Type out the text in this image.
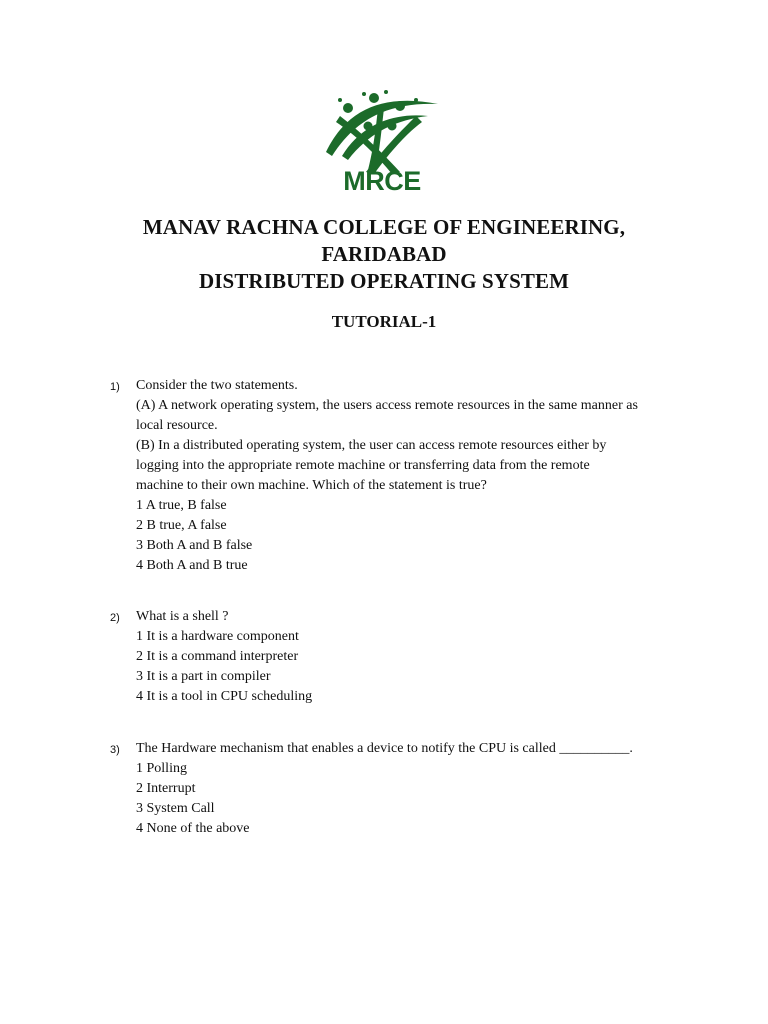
MRCE
MANAV RACHNA COLLEGE OF ENGINEERING,
FARIDABAD
DISTRIBUTED OPERATING SYSTEM
TUTORIAL-1
1) Consider the two statements.
(A) A network operating system, the users access remote resources in the same manner as
local resource.
(B) In a distributed operating system, the user can access remote resources either by
logging into the appropriate remote machine or transferring data from the remote
machine to their own machine. Which of the statement is true?
1 A true, B false
2 B true, A false
3 Both A and B false
4 Both A and B true
2) What is a shell ?
1 It is a hardware component
2 It is a command interpreter
3 It is a part in compiler
4 It is a tool in CPU scheduling
3) The Hardware mechanism that enables a device to notify the CPU is called __________.
1 Polling
2 Interrupt
3 System Call
4 None of the above
